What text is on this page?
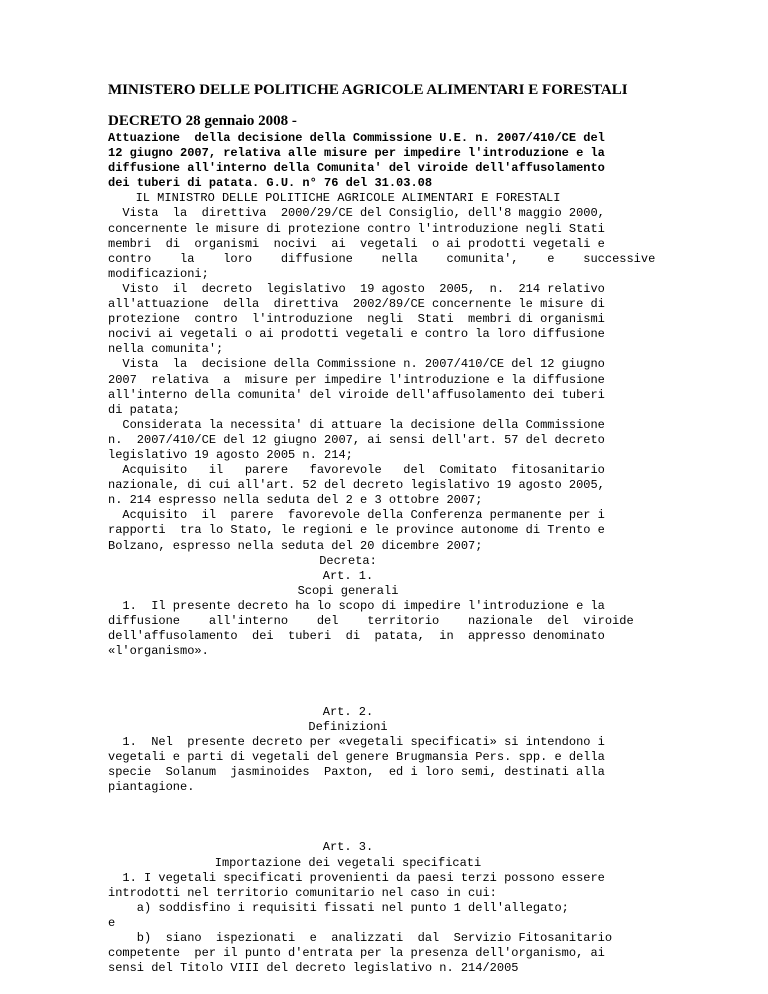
MINISTERO DELLE POLITICHE AGRICOLE ALIMENTARI E FORESTALI
DECRETO 28 gennaio 2008 -
Attuazione  della decisione della Commissione U.E. n. 2007/410/CE del
12 giugno 2007, relativa alle misure per impedire l'introduzione e la
diffusione all'interno della Comunita' del viroide dell'affusolamento
dei tuberi di patata. G.U. n° 76 del 31.03.08
IL MINISTRO DELLE POLITICHE AGRICOLE ALIMENTARI E FORESTALI
Vista  la  direttiva  2000/29/CE del Consiglio, dell'8 maggio 2000,
concernente le misure di protezione contro l'introduzione negli Stati
membri  di  organismi  nocivi  ai  vegetali  o ai prodotti vegetali e
contro    la    loro    diffusione    nella    comunita',    e    successive
modificazioni;
Visto  il  decreto  legislativo  19 agosto  2005,  n.  214 relativo
all'attuazione  della  direttiva  2002/89/CE concernente le misure di
protezione  contro  l'introduzione  negli  Stati  membri di organismi
nocivi ai vegetali o ai prodotti vegetali e contro la loro diffusione
nella comunita';
Vista  la  decisione della Commissione n. 2007/410/CE del 12 giugno
2007  relativa  a  misure per impedire l'introduzione e la diffusione
all'interno della comunita' del viroide dell'affusolamento dei tuberi
di patata;
Considerata la necessita' di attuare la decisione della Commissione
n.  2007/410/CE del 12 giugno 2007, ai sensi dell'art. 57 del decreto
legislativo 19 agosto 2005 n. 214;
Acquisito   il   parere   favorevole   del  Comitato  fitosanitario
nazionale, di cui all'art. 52 del decreto legislativo 19 agosto 2005,
n. 214 espresso nella seduta del 2 e 3 ottobre 2007;
Acquisito  il  parere  favorevole della Conferenza permanente per i
rapporti  tra lo Stato, le regioni e le province autonome di Trento e
Bolzano, espresso nella seduta del 20 dicembre 2007;
Decreta:
Art. 1.
Scopi generali
1.  Il presente decreto ha lo scopo di impedire l'introduzione e la
diffusione    all'interno    del    territorio    nazionale  del  viroide
dell'affusolamento  dei  tuberi  di  patata,  in  appresso denominato
«l'organismo».
Art. 2.
Definizioni
1.  Nel  presente decreto per «vegetali specificati» si intendono i
vegetali e parti di vegetali del genere Brugmansia Pers. spp. e della
specie  Solanum  jasminoides  Paxton,  ed i loro semi, destinati alla
piantagione.
Art. 3.
Importazione dei vegetali specificati
1. I vegetali specificati provenienti da paesi terzi possono essere
introdotti nel territorio comunitario nel caso in cui:
a) soddisfino i requisiti fissati nel punto 1 dell'allegato;
e
b)  siano  ispezionati  e  analizzati  dal  Servizio Fitosanitario
competente  per il punto d'entrata per la presenza dell'organismo, ai
sensi del Titolo VIII del decreto legislativo n. 214/2005
